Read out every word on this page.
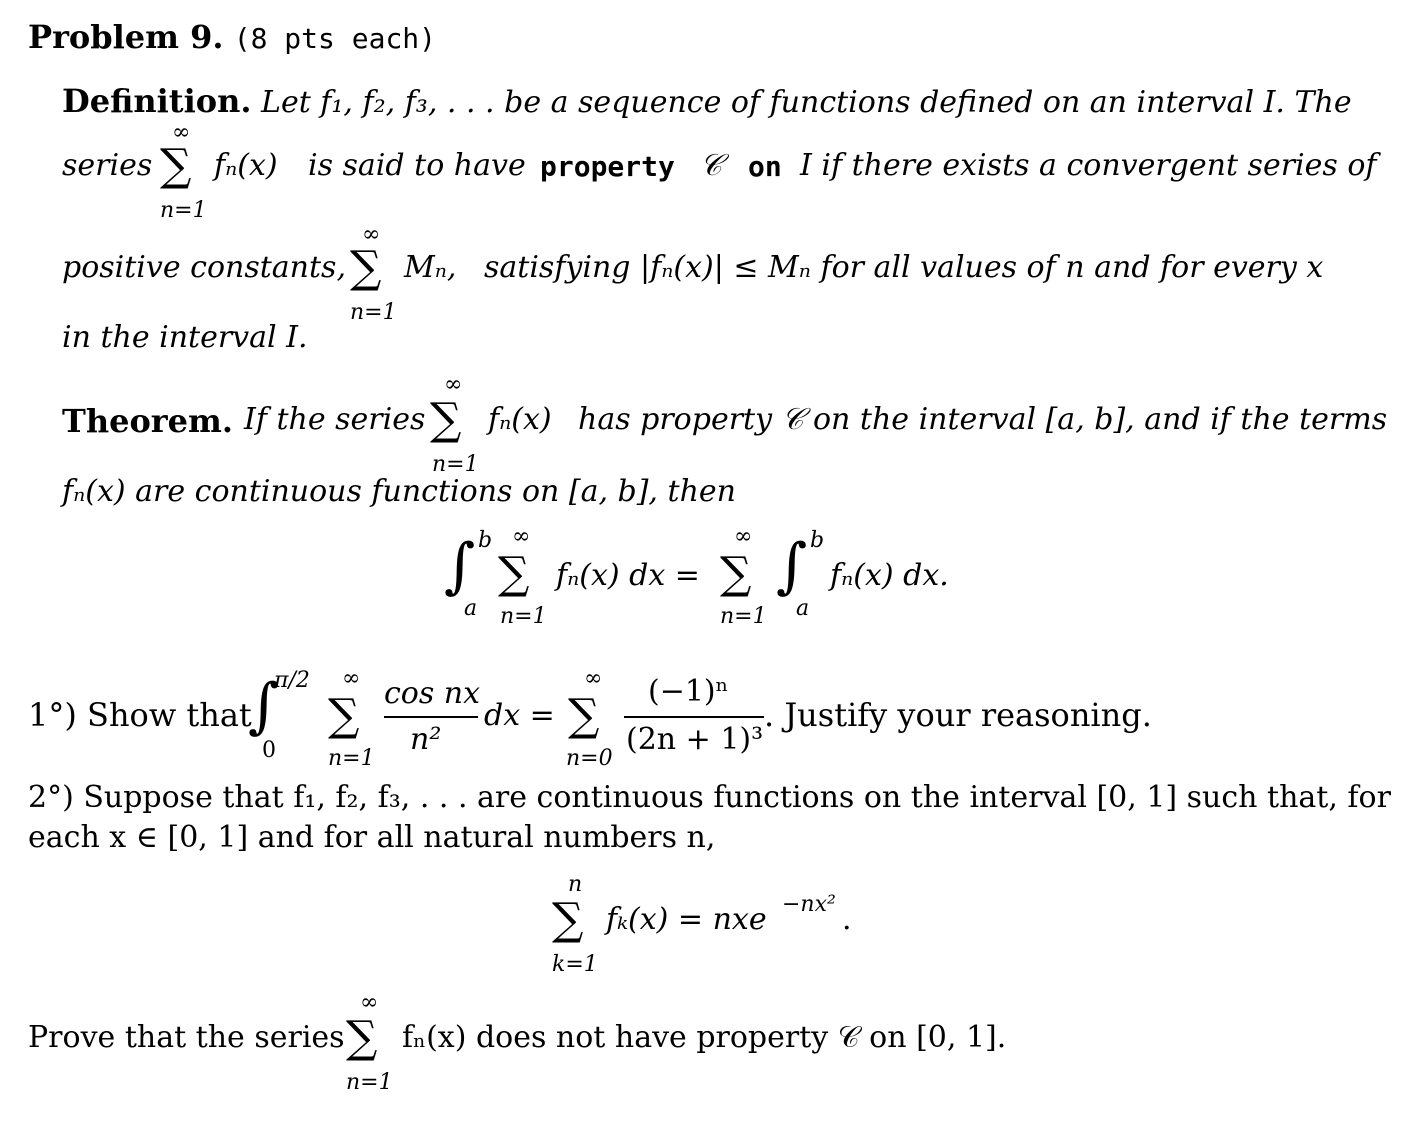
Problem 9. (8 pts each)
Definition. Let f₁, f₂, f₃, . . . be a sequence of functions defined on an interval I. The
∞
series ∑
n=1
fₙ(x) is said to have property 𝒞 on I if there exists a convergent series of
∞
positive constants, ∑
n=1
Mₙ, satisfying |fₙ(x)| ≤ Mₙ for all values of n and for every x
in the interval I.
∞
Theorem. If the series ∑
n=1
fₙ(x) has property 𝒞 on the interval [a, b], and if the terms
fₙ(x) are continuous functions on [a, b], then
∫ b
a
∞
∑
n=1
fₙ(x) dx =
∞
∑
n=1
∫ b
a
fₙ(x) dx.
1°) Show that
∫
π/2
0
∞
∑
n=1
cos nx
n²
dx =
∞
∑
n=0
(−1)ⁿ
(2n + 1)³
. Justify your reasoning.
2°) Suppose that f₁, f₂, f₃, . . . are continuous functions on the interval [0, 1] such that, for
each x ∈ [0, 1] and for all natural numbers n,
n
∑
k=1
fₖ(x) = nxe −nx² .
∞
Prove that the series ∑
n=1
fₙ(x) does not have property 𝒞 on [0, 1].
